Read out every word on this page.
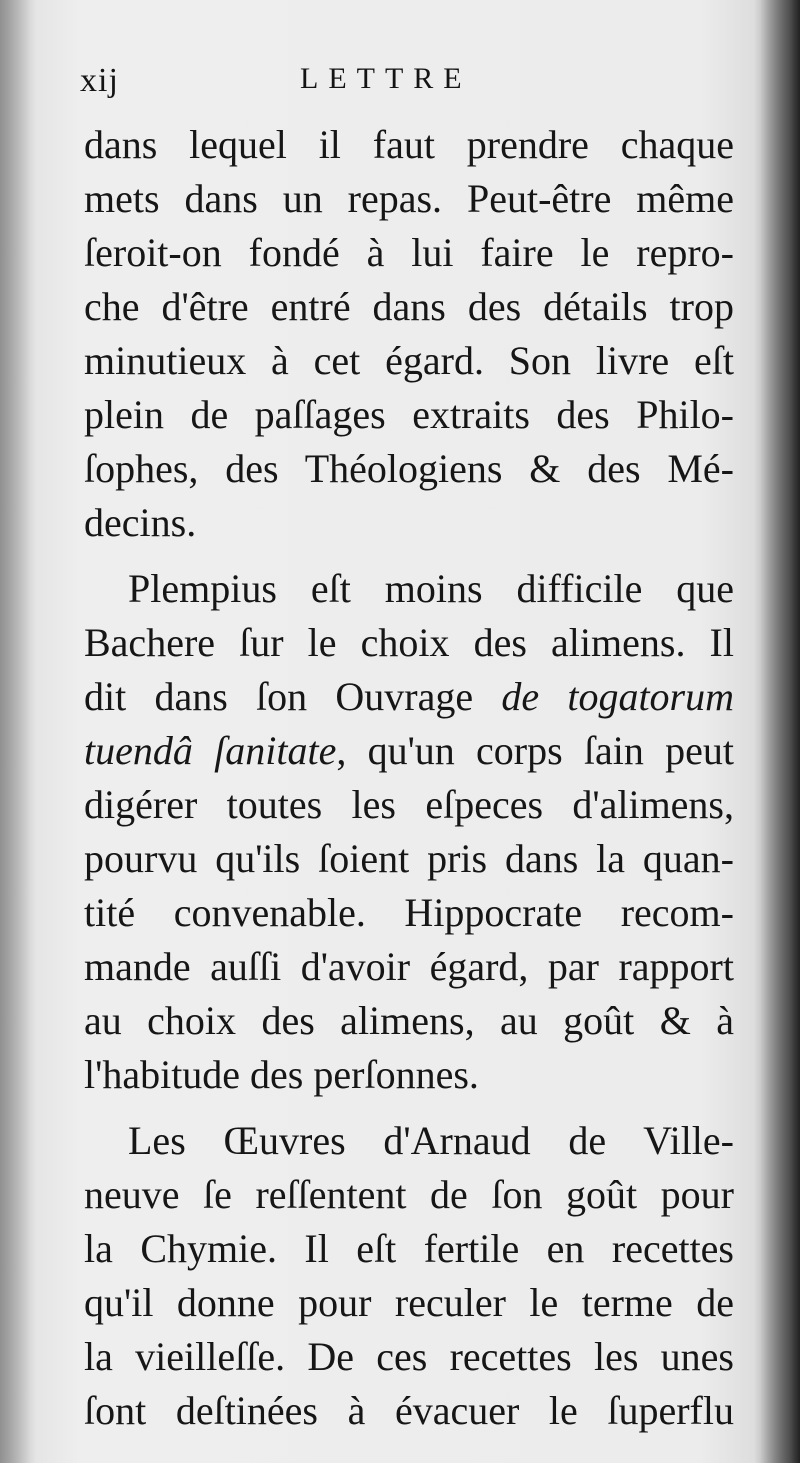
xij	LETTRE
dans lequel il faut prendre chaque
mets dans un repas. Peut-être même
ſeroit-on fondé à lui faire le repro-
che d'être entré dans des détails trop
minutieux à cet égard. Son livre eſt
plein de paſſages extraits des Philo-
ſophes, des Théologiens & des Mé-
decins.
Plempius eſt moins difficile que
Bachere ſur le choix des alimens. Il
dit dans ſon Ouvrage de togatorum
tuendâ ſanitate, qu'un corps ſain peut
digérer toutes les eſpeces d'alimens,
pourvu qu'ils ſoient pris dans la quan-
tité convenable. Hippocrate recom-
mande auſſi d'avoir égard, par rapport
au choix des alimens, au goût & à
l'habitude des perſonnes.
Les Œuvres d'Arnaud de Ville-
neuve ſe reſſentent de ſon goût pour
la Chymie. Il eſt fertile en recettes
qu'il donne pour reculer le terme de
la vieilleſſe. De ces recettes les unes
ſont deſtinées à évacuer le ſuperflu
